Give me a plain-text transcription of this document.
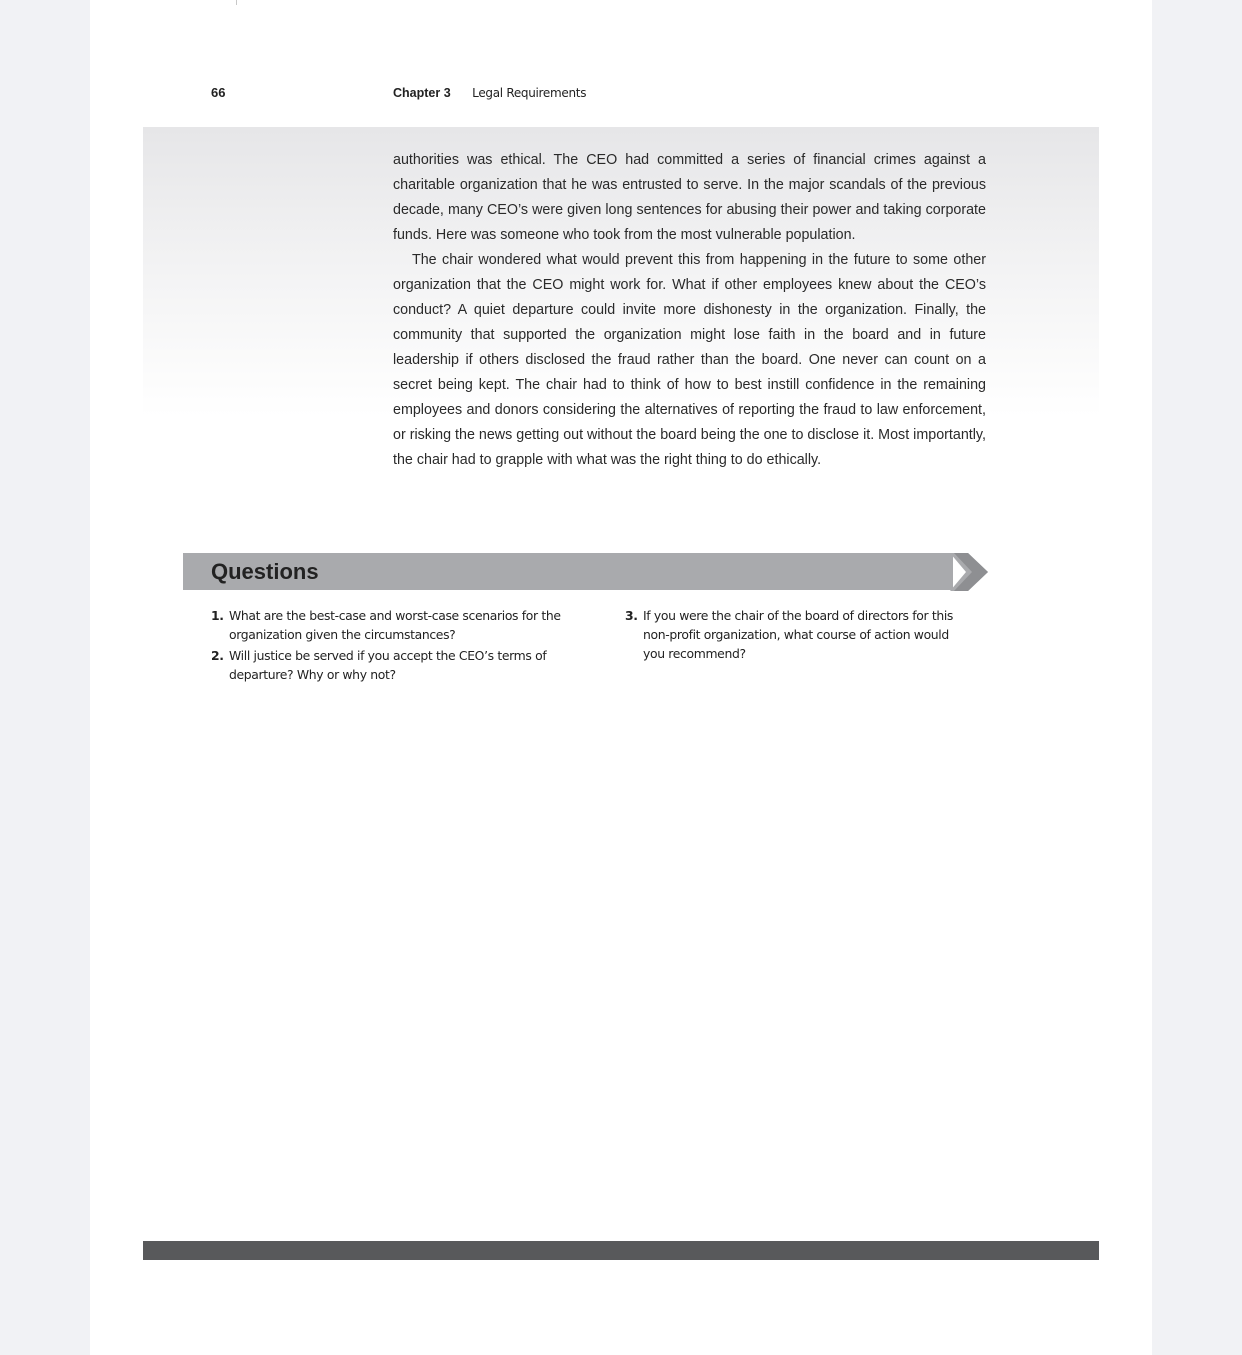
66	Chapter 3 Legal Requirements

authorities was ethical. The CEO had committed a series of financial crimes against a charitable organization that he was entrusted to serve. In the major scandals of the previous decade, many CEO’s were given long sentences for abusing their power and taking corporate funds. Here was someone who took from the most vulnerable population.

The chair wondered what would prevent this from happening in the future to some other organization that the CEO might work for. What if other employees knew about the CEO’s conduct? A quiet departure could invite more dishonesty in the organization. Finally, the community that supported the organization might lose faith in the board and in future leadership if others disclosed the fraud rather than the board. One never can count on a secret being kept. The chair had to think of how to best instill confidence in the remaining employees and donors considering the alternatives of reporting the fraud to law enforcement, or risking the news getting out without the board being the one to disclose it. Most importantly, the chair had to grapple with what was the right thing to do ethically.

Questions
1. What are the best-case and worst-case scenarios for the organization given the circumstances?
2. Will justice be served if you accept the CEO’s terms of departure? Why or why not?
3. If you were the chair of the board of directors for this non-profit organization, what course of action would you recommend?
